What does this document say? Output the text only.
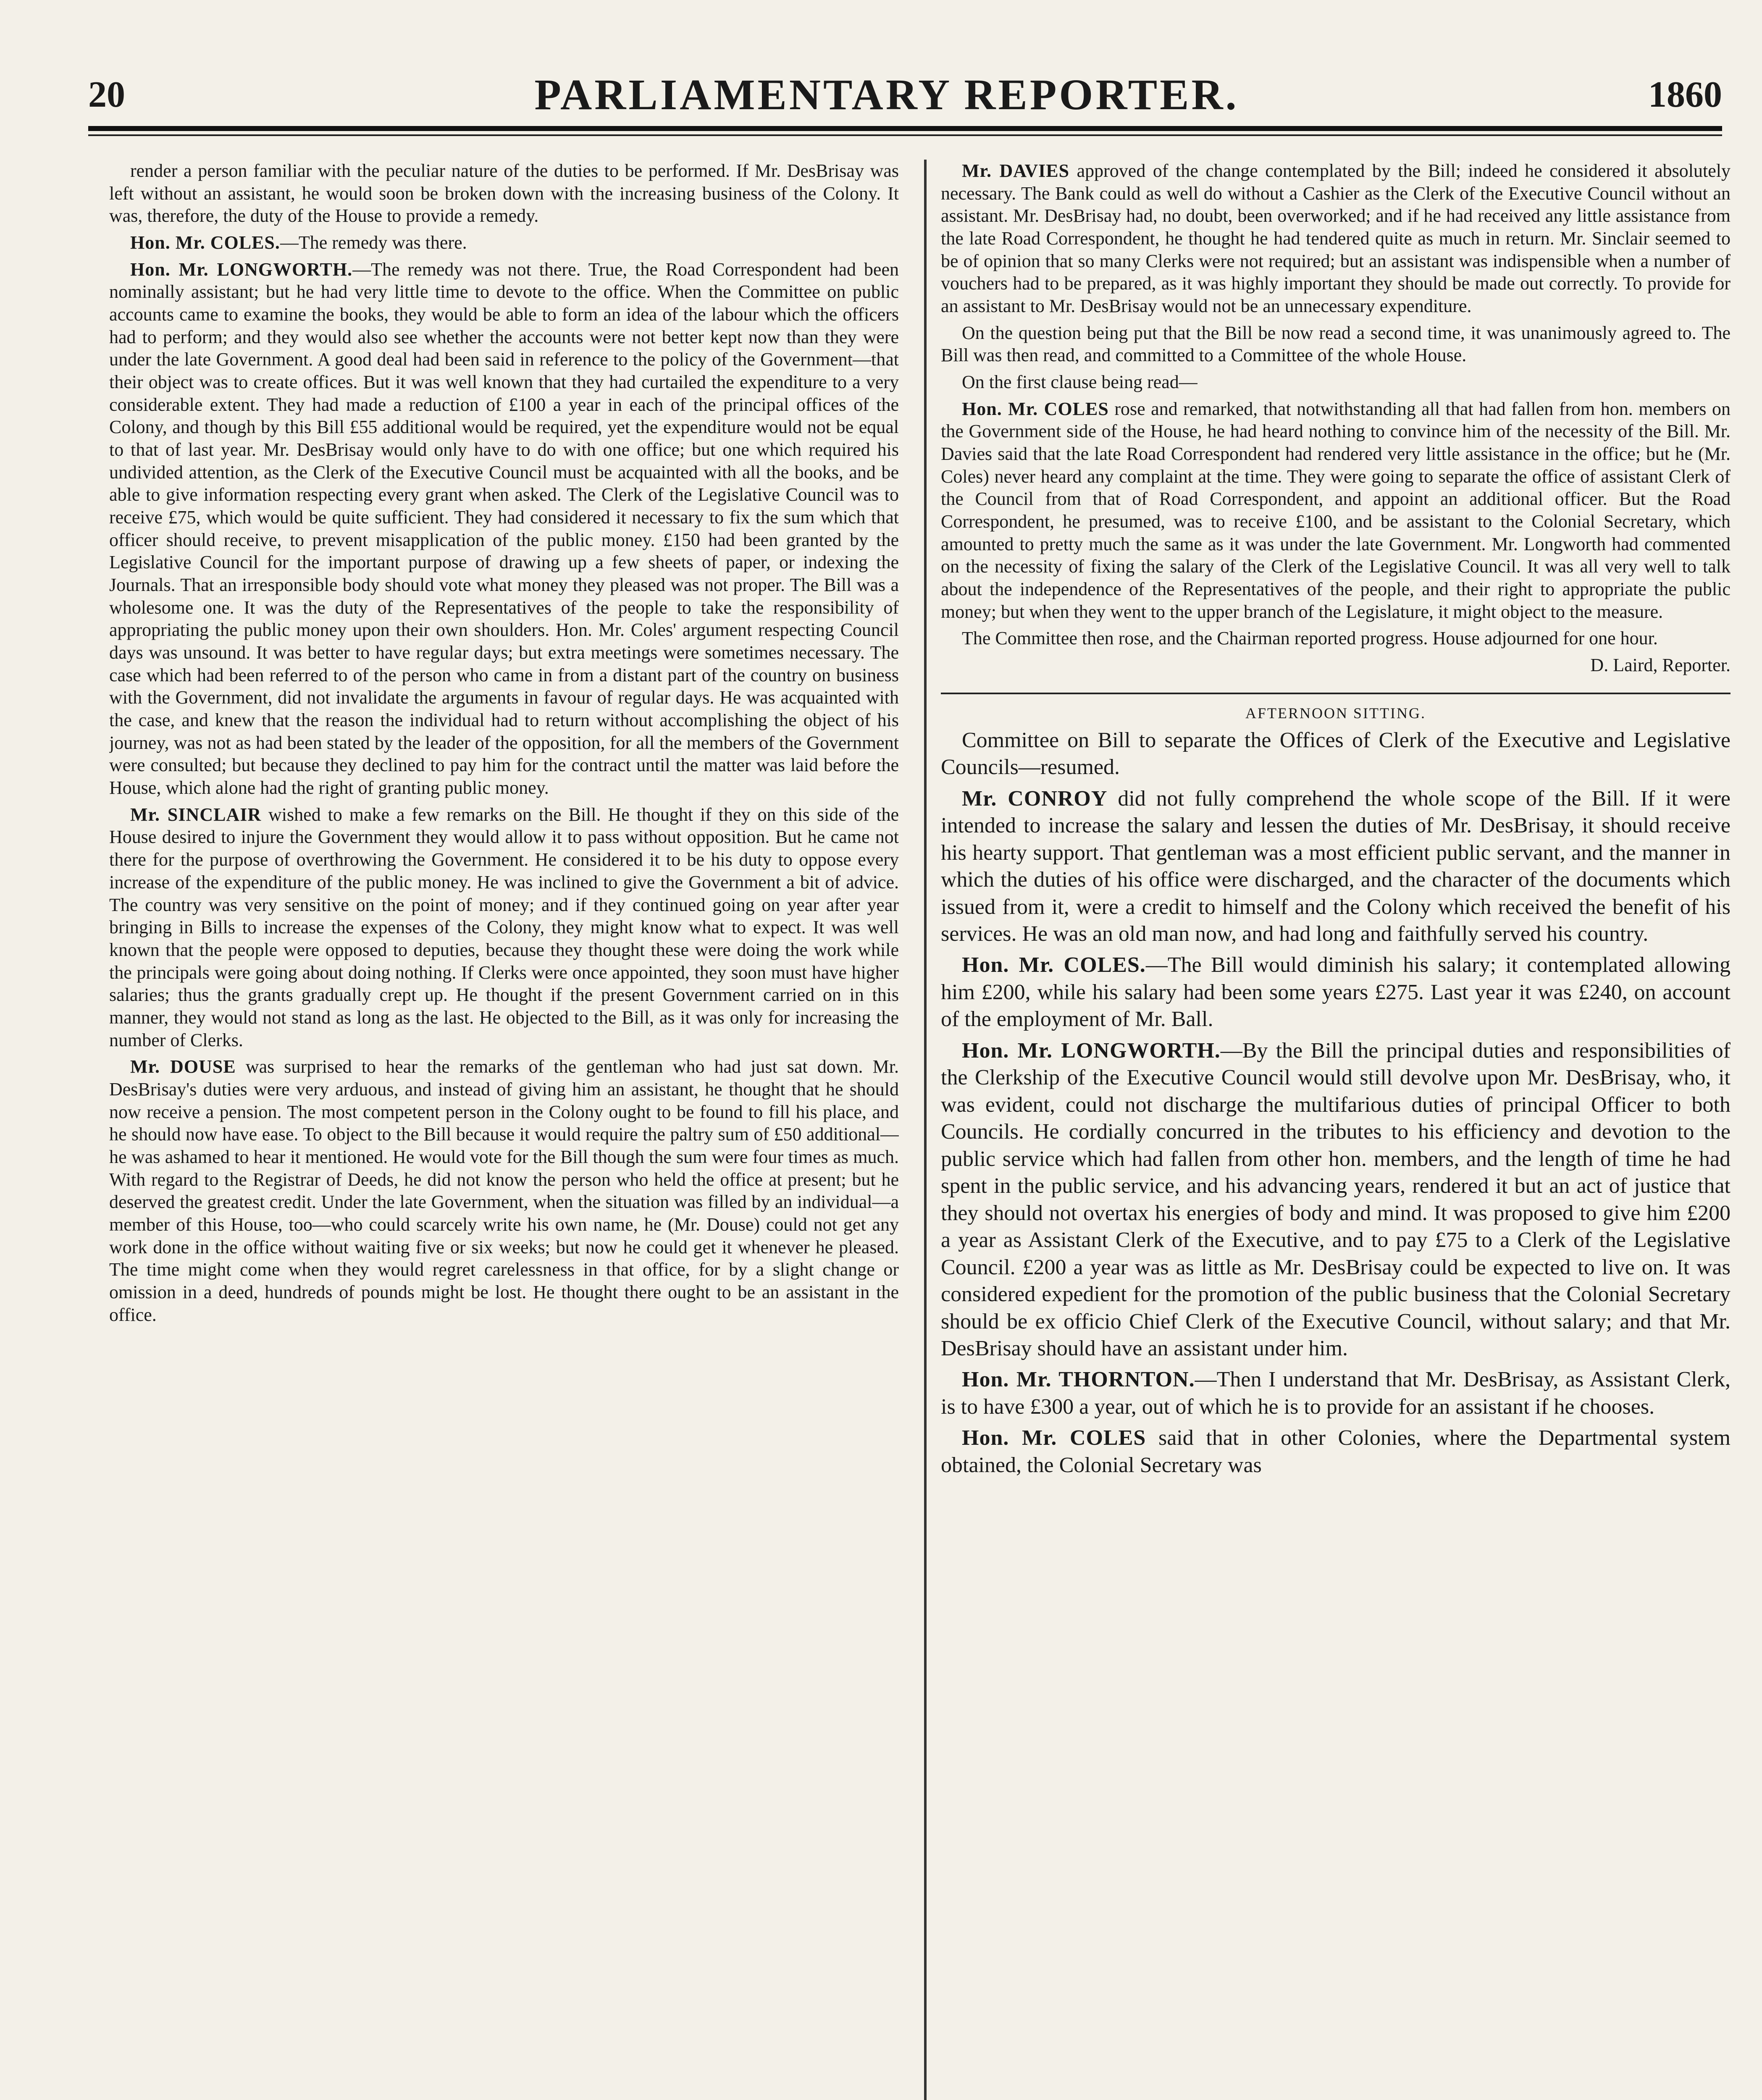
20	PARLIAMENTARY REPORTER.	1860

render a person familiar with the peculiar nature of the duties to be performed. If Mr. DesBrisay was left without an assistant, he would soon be broken down with the increasing business of the Colony. It was, therefore, the duty of the House to provide a remedy.

Hon. Mr. COLES.—The remedy was there.

Hon. Mr. LONGWORTH.—The remedy was not there. True, the Road Correspondent had been nominally assistant; but he had very little time to devote to the office. When the Committee on public accounts came to examine the books, they would be able to form an idea of the labour which the officers had to perform; and they would also see whether the accounts were not better kept now than they were under the late Government. A good deal had been said in reference to the policy of the Government—that their object was to create offices. But it was well known that they had curtailed the expenditure to a very considerable extent. They had made a reduction of £100 a year in each of the principal offices of the Colony, and though by this Bill £55 additional would be required, yet the expenditure would not be equal to that of last year. Mr. DesBrisay would only have to do with one office; but one which required his undivided attention, as the Clerk of the Executive Council must be acquainted with all the books, and be able to give information respecting every grant when asked. The Clerk of the Legislative Council was to receive £75, which would be quite sufficient. They had considered it necessary to fix the sum which that officer should receive, to prevent misapplication of the public money. £150 had been granted by the Legislative Council for the important purpose of drawing up a few sheets of paper, or indexing the Journals. That an irresponsible body should vote what money they pleased was not proper. The Bill was a wholesome one. It was the duty of the Representatives of the people to take the responsibility of appropriating the public money upon their own shoulders. Hon. Mr. Coles' argument respecting Council days was unsound. It was better to have regular days; but extra meetings were sometimes necessary. The case which had been referred to of the person who came in from a distant part of the country on business with the Government, did not invalidate the arguments in favour of regular days. He was acquainted with the case, and knew that the reason the individual had to return without accomplishing the object of his journey, was not as had been stated by the leader of the opposition, for all the members of the Government were consulted; but because they declined to pay him for the contract until the matter was laid before the House, which alone had the right of granting public money.

Mr. SINCLAIR wished to make a few remarks on the Bill. He thought if they on this side of the House desired to injure the Government they would allow it to pass without opposition. But he came not there for the purpose of overthrowing the Government. He considered it to be his duty to oppose every increase of the expenditure of the public money. He was inclined to give the Government a bit of advice. The country was very sensitive on the point of money; and if they continued going on year after year bringing in Bills to increase the expenses of the Colony, they might know what to expect. It was well known that the people were opposed to deputies, because they thought these were doing the work while the principals were going about doing nothing. If Clerks were once appointed, they soon must have higher salaries; thus the grants gradually crept up. He thought if the present Government carried on in this manner, they would not stand as long as the last. He objected to the Bill, as it was only for increasing the number of Clerks.

Mr. DOUSE was surprised to hear the remarks of the gentleman who had just sat down. Mr. DesBrisay's duties were very arduous, and instead of giving him an assistant, he thought that he should now receive a pension. The most competent person in the Colony ought to be found to fill his place, and he should now have ease. To object to the Bill because it would require the paltry sum of £50 additional—he was ashamed to hear it mentioned. He would vote for the Bill though the sum were four times as much. With regard to the Registrar of Deeds, he did not know the person who held the office at present; but he deserved the greatest credit. Under the late Government, when the situation was filled by an individual—a member of this House, too—who could scarcely write his own name, he (Mr. Douse) could not get any work done in the office without waiting five or six weeks; but now he could get it whenever he pleased. The time might come when they would regret carelessness in that office, for by a slight change or omission in a deed, hundreds of pounds might be lost. He thought there ought to be an assistant in the office.

Mr. DAVIES approved of the change contemplated by the Bill; indeed he considered it absolutely necessary. The Bank could as well do without a Cashier as the Clerk of the Executive Council without an assistant. Mr. DesBrisay had, no doubt, been overworked; and if he had received any little assistance from the late Road Correspondent, he thought he had tendered quite as much in return. Mr. Sinclair seemed to be of opinion that so many Clerks were not required; but an assistant was indispensible when a number of vouchers had to be prepared, as it was highly important they should be made out correctly. To provide for an assistant to Mr. DesBrisay would not be an unnecessary expenditure.

On the question being put that the Bill be now read a second time, it was unanimously agreed to. The Bill was then read, and committed to a Committee of the whole House.

On the first clause being read—

Hon. Mr. COLES rose and remarked, that notwithstanding all that had fallen from hon. members on the Government side of the House, he had heard nothing to convince him of the necessity of the Bill. Mr. Davies said that the late Road Correspondent had rendered very little assistance in the office; but he (Mr. Coles) never heard any complaint at the time. They were going to separate the office of assistant Clerk of the Council from that of Road Correspondent, and appoint an additional officer. But the Road Correspondent, he presumed, was to receive £100, and be assistant to the Colonial Secretary, which amounted to pretty much the same as it was under the late Government. Mr. Longworth had commented on the necessity of fixing the salary of the Clerk of the Legislative Council. It was all very well to talk about the independence of the Representatives of the people, and their right to appropriate the public money; but when they went to the upper branch of the Legislature, it might object to the measure.

The Committee then rose, and the Chairman reported progress. House adjourned for one hour.

D. Laird, Reporter.

AFTERNOON SITTING.

Committee on Bill to separate the Offices of Clerk of the Executive and Legislative Councils—resumed.

Mr. CONROY did not fully comprehend the whole scope of the Bill. If it were intended to increase the salary and lessen the duties of Mr. DesBrisay, it should receive his hearty support. That gentleman was a most efficient public servant, and the manner in which the duties of his office were discharged, and the character of the documents which issued from it, were a credit to himself and the Colony which received the benefit of his services. He was an old man now, and had long and faithfully served his country.

Hon. Mr. COLES.—The Bill would diminish his salary; it contemplated allowing him £200, while his salary had been some years £275. Last year it was £240, on account of the employment of Mr. Ball.

Hon. Mr. LONGWORTH.—By the Bill the principal duties and responsibilities of the Clerkship of the Executive Council would still devolve upon Mr. DesBrisay, who, it was evident, could not discharge the multifarious duties of principal Officer to both Councils. He cordially concurred in the tributes to his efficiency and devotion to the public service which had fallen from other hon. members, and the length of time he had spent in the public service, and his advancing years, rendered it but an act of justice that they should not overtax his energies of body and mind. It was proposed to give him £200 a year as Assistant Clerk of the Executive, and to pay £75 to a Clerk of the Legislative Council. £200 a year was as little as Mr. DesBrisay could be expected to live on. It was considered expedient for the promotion of the public business that the Colonial Secretary should be ex officio Chief Clerk of the Executive Council, without salary; and that Mr. DesBrisay should have an assistant under him.

Hon. Mr. THORNTON.—Then I understand that Mr. DesBrisay, as Assistant Clerk, is to have £300 a year, out of which he is to provide for an assistant if he chooses.

Hon. Mr. COLES said that in other Colonies, where the Departmental system obtained, the Colonial Secretary was
